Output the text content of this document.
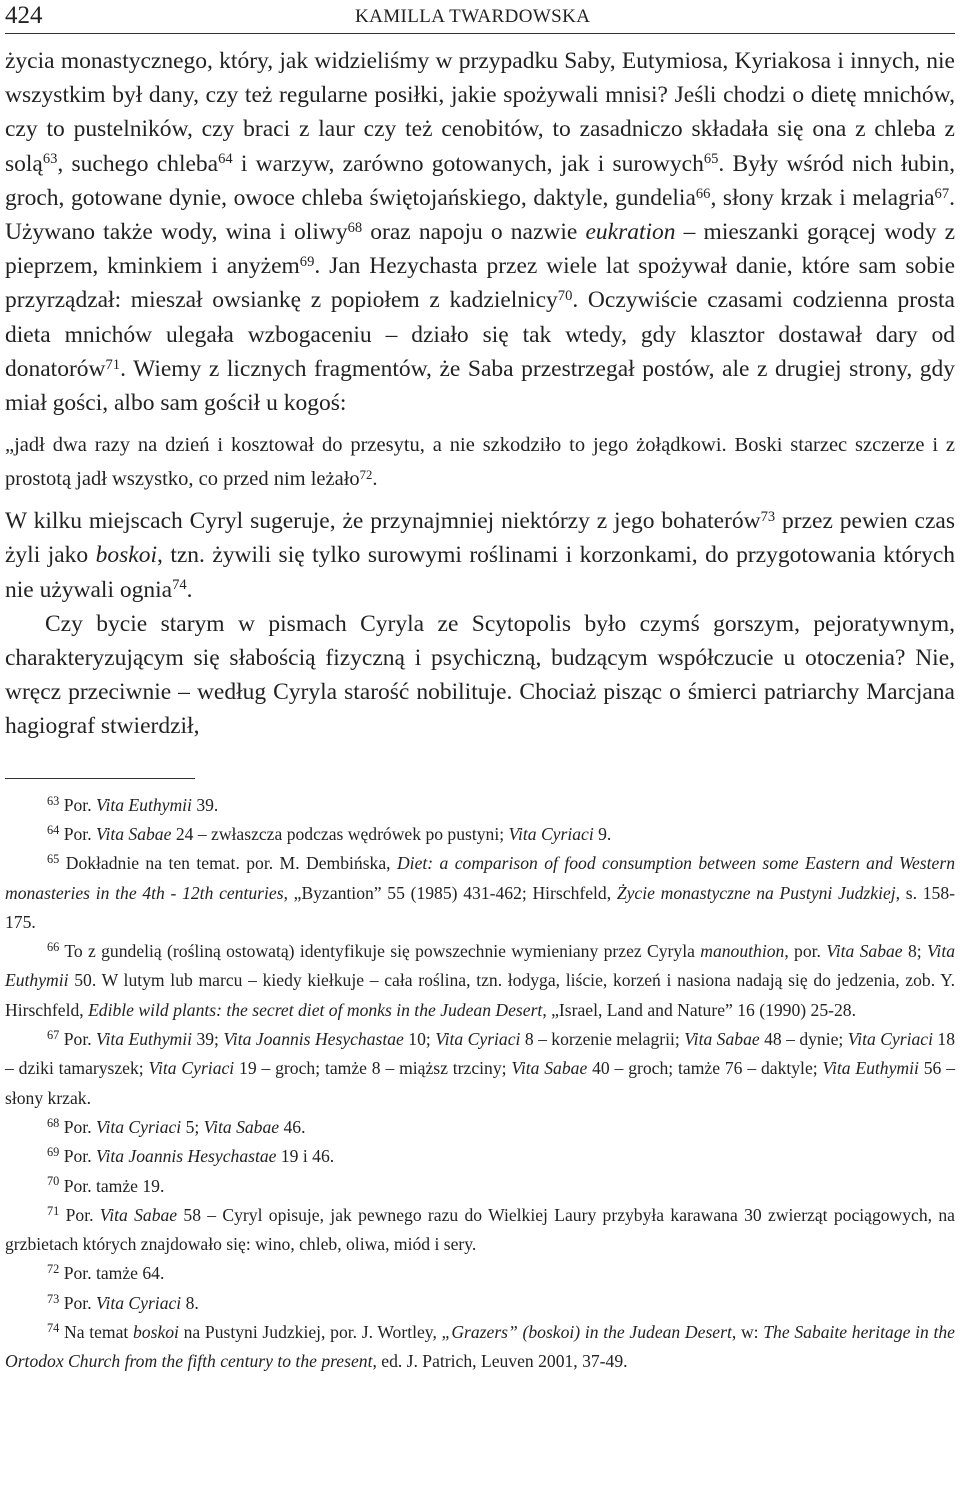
424	KAMILLA TWARDOWSKA

życia monastycznego, który, jak widzieliśmy w przypadku Saby, Eutymiosa, Kyriakosa i innych, nie wszystkim był dany, czy też regularne posiłki, jakie spożywali mnisi? Jeśli chodzi o dietę mnichów, czy to pustelników, czy braci z laur czy też cenobitów, to zasadniczo składała się ona z chleba z solą$^{63}$, suchego chleba$^{64}$ i warzyw, zarówno gotowanych, jak i surowych$^{65}$. Były wśród nich łubin, groch, gotowane dynie, owoce chleba świętojańskiego, daktyle, gundelia$^{66}$, słony krzak i melagria$^{67}$. Używano także wody, wina i oliwy$^{68}$ oraz napoju o nazwie eukration – mieszanki gorącej wody z pieprzem, kminkiem i anyżem$^{69}$. Jan Hezychasta przez wiele lat spożywał danie, które sam sobie przyrządzał: mieszał owsiankę z popiołem z kadzielnicy$^{70}$. Oczywiście czasami codzienna prosta dieta mnichów ulegała wzbogaceniu – działo się tak wtedy, gdy klasztor dostawał dary od donatorów$^{71}$. Wiemy z licznych fragmentów, że Saba przestrzegał postów, ale z drugiej strony, gdy miał gości, albo sam gościł u kogoś:

„jadł dwa razy na dzień i kosztował do przesytu, a nie szkodziło to jego żołądkowi. Boski starzec szczerze i z prostotą jadł wszystko, co przed nim leżało$^{72}$.

W kilku miejscach Cyryl sugeruje, że przynajmniej niektórzy z jego bohaterów$^{73}$ przez pewien czas żyli jako boskoi, tzn. żywili się tylko surowymi roślinami i korzonkami, do przygotowania których nie używali ognia$^{74}$.

Czy bycie starym w pismach Cyryla ze Scytopolis było czymś gorszym, pejoratywnym, charakteryzującym się słabością fizyczną i psychiczną, budzącym współczucie u otoczenia? Nie, wręcz przeciwnie – według Cyryla starość nobilituje. Chociaż pisząc o śmierci patriarchy Marcjana hagiograf stwierdził,

$^{63}$ Por. Vita Euthymii 39.

$^{64}$ Por. Vita Sabae 24 – zwłaszcza podczas wędrówek po pustyni; Vita Cyriaci 9.

$^{65}$ Dokładnie na ten temat. por. M. Dembińska, Diet: a comparison of food consumption between some Eastern and Western monasteries in the 4th - 12th centuries, „Byzantion” 55 (1985) 431-462; Hirschfeld, Życie monastyczne na Pustyni Judzkiej, s. 158-175.

$^{66}$ To z gundelią (rośliną ostowatą) identyfikuje się powszechnie wymieniany przez Cyryla manouthion, por. Vita Sabae 8; Vita Euthymii 50. W lutym lub marcu – kiedy kiełkuje – cała roślina, tzn. łodyga, liście, korzeń i nasiona nadają się do jedzenia, zob. Y. Hirschfeld, Edible wild plants: the secret diet of monks in the Judean Desert, „Israel, Land and Nature” 16 (1990) 25-28.

$^{67}$ Por. Vita Euthymii 39; Vita Joannis Hesychastae 10; Vita Cyriaci 8 – korzenie melagrii; Vita Sabae 48 – dynie; Vita Cyriaci 18 – dziki tamaryszek; Vita Cyriaci 19 – groch; tamże 8 – miąższ trzciny; Vita Sabae 40 – groch; tamże 76 – daktyle; Vita Euthymii 56 – słony krzak.

$^{68}$ Por. Vita Cyriaci 5; Vita Sabae 46.

$^{69}$ Por. Vita Joannis Hesychastae 19 i 46.

$^{70}$ Por. tamże 19.

$^{71}$ Por. Vita Sabae 58 – Cyryl opisuje, jak pewnego razu do Wielkiej Laury przybyła karawana 30 zwierząt pociągowych, na grzbietach których znajdowało się: wino, chleb, oliwa, miód i sery.

$^{72}$ Por. tamże 64.

$^{73}$ Por. Vita Cyriaci 8.

$^{74}$ Na temat boskoi na Pustyni Judzkiej, por. J. Wortley, „Grazers” (boskoi) in the Judean Desert, w: The Sabaite heritage in the Ortodox Church from the fifth century to the present, ed. J. Patrich, Leuven 2001, 37-49.
